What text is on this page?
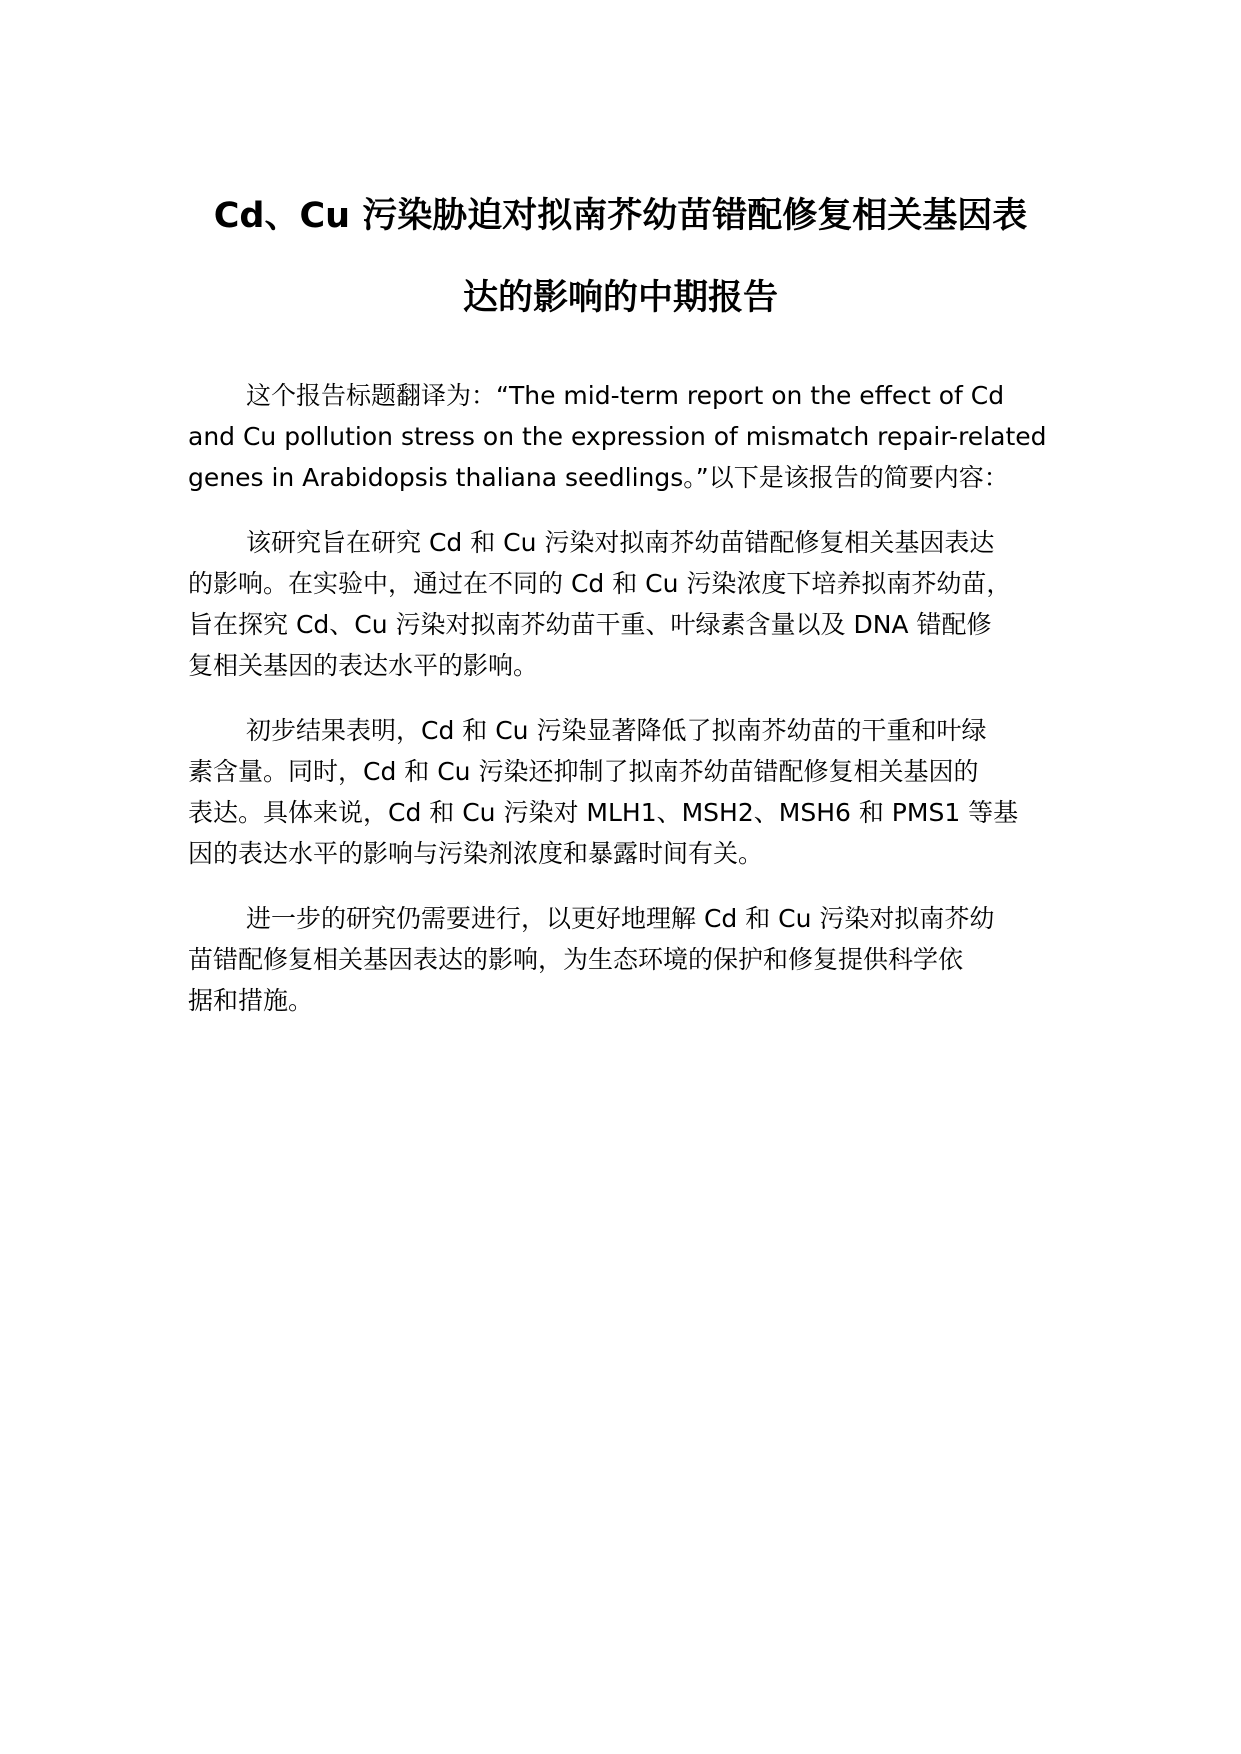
Cd、Cu 污染胁迫对拟南芥幼苗错配修复相关基因表
达的影响的中期报告

这个报告标题翻译为：“The mid-term report on the effect of Cd
and Cu pollution stress on the expression of mismatch repair-related
genes in Arabidopsis thaliana seedlings。”以下是该报告的简要内容：

该研究旨在研究 Cd 和 Cu 污染对拟南芥幼苗错配修复相关基因表达
的影响。在实验中，通过在不同的 Cd 和 Cu 污染浓度下培养拟南芥幼苗，
旨在探究 Cd、Cu 污染对拟南芥幼苗干重、叶绿素含量以及 DNA 错配修
复相关基因的表达水平的影响。

初步结果表明，Cd 和 Cu 污染显著降低了拟南芥幼苗的干重和叶绿
素含量。同时，Cd 和 Cu 污染还抑制了拟南芥幼苗错配修复相关基因的
表达。具体来说，Cd 和 Cu 污染对 MLH1、MSH2、MSH6 和 PMS1 等基
因的表达水平的影响与污染剂浓度和暴露时间有关。

进一步的研究仍需要进行，以更好地理解 Cd 和 Cu 污染对拟南芥幼
苗错配修复相关基因表达的影响，为生态环境的保护和修复提供科学依
据和措施。
